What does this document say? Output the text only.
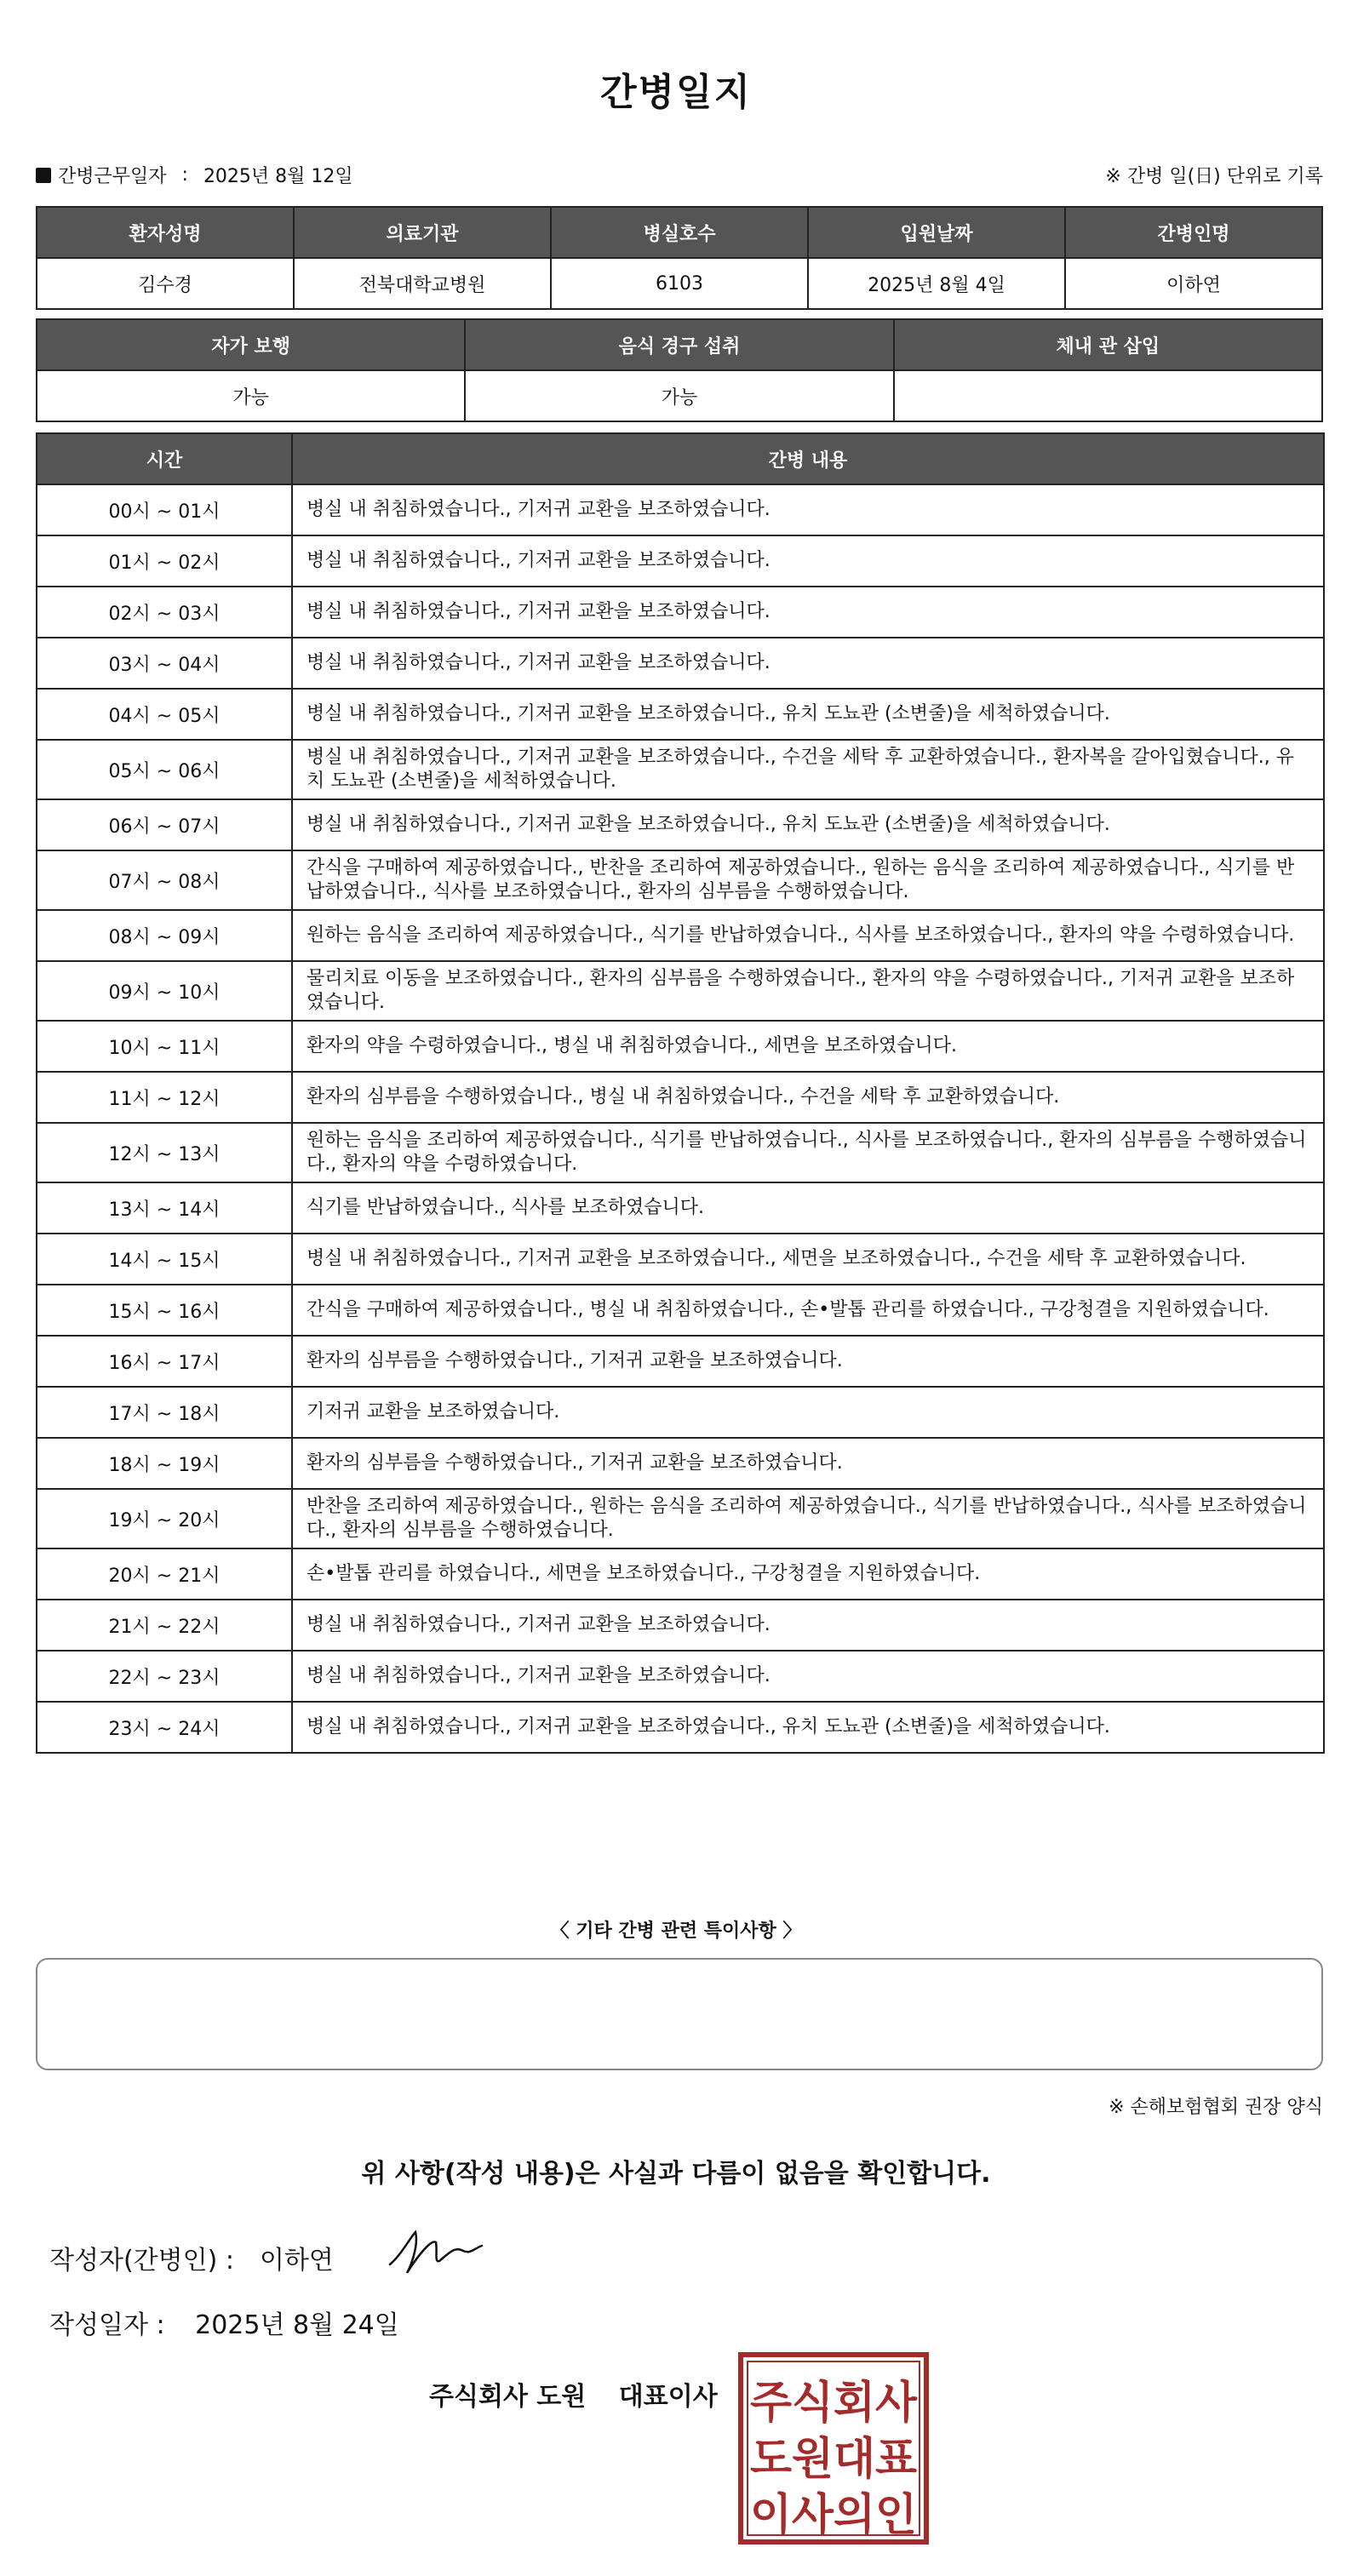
간병일지
간병근무일자 : 2025년 8월 12일	※ 간병 일(日) 단위로 기록
환자성명	의료기관	병실호수	입원날짜	간병인명
김수경	전북대학교병원	6103	2025년 8월 4일	이하연
자가 보행	음식 경구 섭취	체내 관 삽입
가능	가능	
시간	간병 내용
00시 ~ 01시	병실 내 취침하였습니다., 기저귀 교환을 보조하였습니다.
01시 ~ 02시	병실 내 취침하였습니다., 기저귀 교환을 보조하였습니다.
02시 ~ 03시	병실 내 취침하였습니다., 기저귀 교환을 보조하였습니다.
03시 ~ 04시	병실 내 취침하였습니다., 기저귀 교환을 보조하였습니다.
04시 ~ 05시	병실 내 취침하였습니다., 기저귀 교환을 보조하였습니다., 유치 도뇨관 (소변줄)을 세척하였습니다.
05시 ~ 06시	병실 내 취침하였습니다., 기저귀 교환을 보조하였습니다., 수건을 세탁 후 교환하였습니다., 환자복을 갈아입혔습니다., 유치 도뇨관 (소변줄)을 세척하였습니다.
06시 ~ 07시	병실 내 취침하였습니다., 기저귀 교환을 보조하였습니다., 유치 도뇨관 (소변줄)을 세척하였습니다.
07시 ~ 08시	간식을 구매하여 제공하였습니다., 반찬을 조리하여 제공하였습니다., 원하는 음식을 조리하여 제공하였습니다., 식기를 반납하였습니다., 식사를 보조하였습니다., 환자의 심부름을 수행하였습니다.
08시 ~ 09시	원하는 음식을 조리하여 제공하였습니다., 식기를 반납하였습니다., 식사를 보조하였습니다., 환자의 약을 수령하였습니다.
09시 ~ 10시	물리치료 이동을 보조하였습니다., 환자의 심부름을 수행하였습니다., 환자의 약을 수령하였습니다., 기저귀 교환을 보조하였습니다.
10시 ~ 11시	환자의 약을 수령하였습니다., 병실 내 취침하였습니다., 세면을 보조하였습니다.
11시 ~ 12시	환자의 심부름을 수행하였습니다., 병실 내 취침하였습니다., 수건을 세탁 후 교환하였습니다.
12시 ~ 13시	원하는 음식을 조리하여 제공하였습니다., 식기를 반납하였습니다., 식사를 보조하였습니다., 환자의 심부름을 수행하였습니다., 환자의 약을 수령하였습니다.
13시 ~ 14시	식기를 반납하였습니다., 식사를 보조하였습니다.
14시 ~ 15시	병실 내 취침하였습니다., 기저귀 교환을 보조하였습니다., 세면을 보조하였습니다., 수건을 세탁 후 교환하였습니다.
15시 ~ 16시	간식을 구매하여 제공하였습니다., 병실 내 취침하였습니다., 손•발톱 관리를 하였습니다., 구강청결을 지원하였습니다.
16시 ~ 17시	환자의 심부름을 수행하였습니다., 기저귀 교환을 보조하였습니다.
17시 ~ 18시	기저귀 교환을 보조하였습니다.
18시 ~ 19시	환자의 심부름을 수행하였습니다., 기저귀 교환을 보조하였습니다.
19시 ~ 20시	반찬을 조리하여 제공하였습니다., 원하는 음식을 조리하여 제공하였습니다., 식기를 반납하였습니다., 식사를 보조하였습니다., 환자의 심부름을 수행하였습니다.
20시 ~ 21시	손•발톱 관리를 하였습니다., 세면을 보조하였습니다., 구강청결을 지원하였습니다.
21시 ~ 22시	병실 내 취침하였습니다., 기저귀 교환을 보조하였습니다.
22시 ~ 23시	병실 내 취침하였습니다., 기저귀 교환을 보조하였습니다.
23시 ~ 24시	병실 내 취침하였습니다., 기저귀 교환을 보조하였습니다., 유치 도뇨관 (소변줄)을 세척하였습니다.
〈 기타 간병 관련 특이사항 〉
※ 손해보험협회 권장 양식
위 사항(작성 내용)은 사실과 다름이 없음을 확인합니다.
작성자(간병인) : 이하연
작성일자 : 2025년 8월 24일
주식회사 도원 대표이사 주식회사
도원대표
이사의인
